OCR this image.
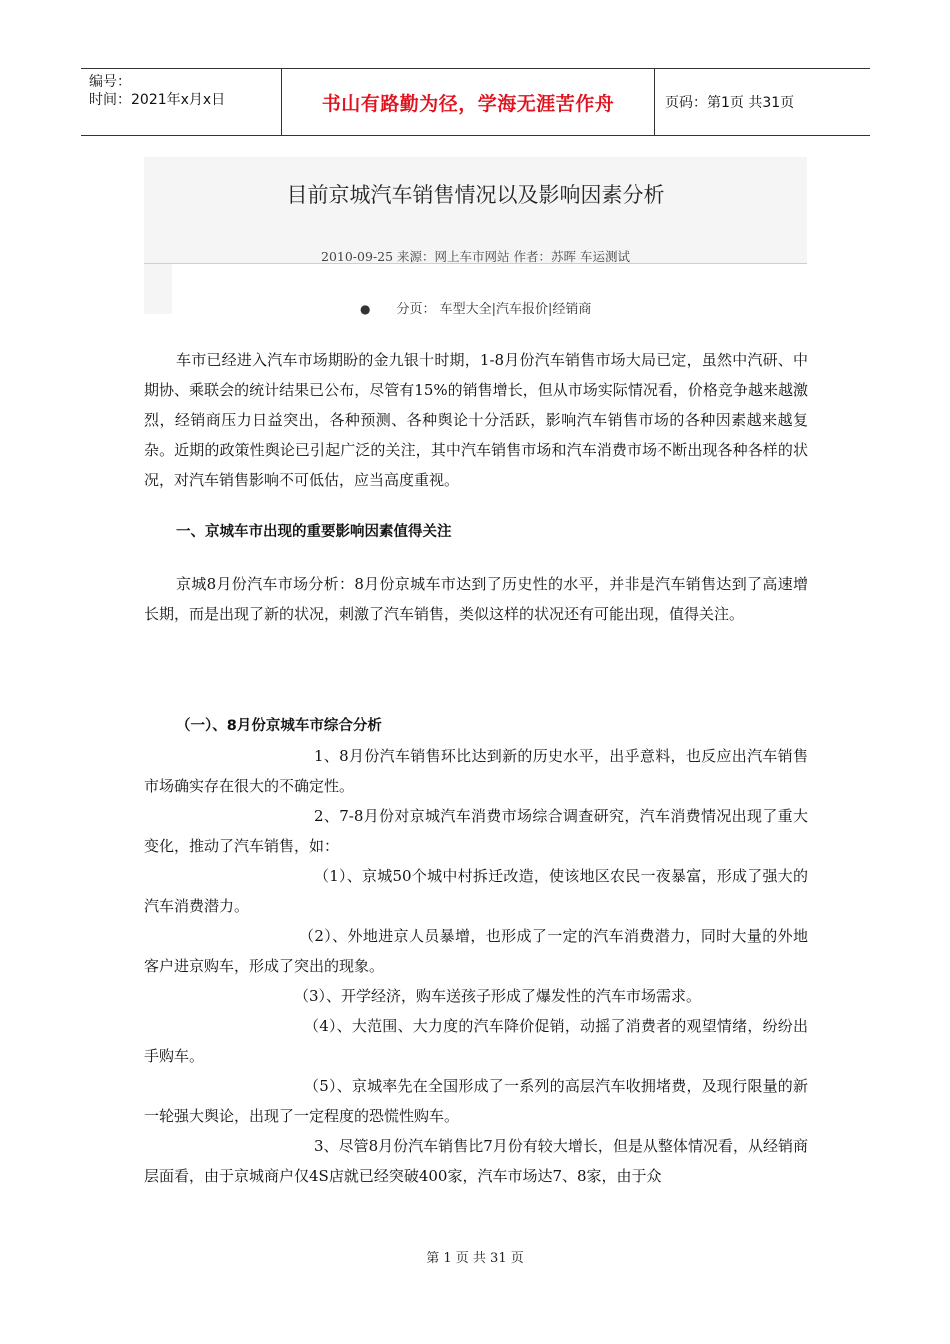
编号：
时间：2021年x月x日	书山有路勤为径，学海无涯苦作舟	页码：第1页 共31页
目前京城汽车销售情况以及影响因素分析
2010-09-25 来源：网上车市网站 作者：苏晖 车运测试
● 分页： 车型大全|汽车报价|经销商

车市已经进入汽车市场期盼的金九银十时期，1-8月份汽车销售市场大局已定，虽然中汽研、中期协、乘联会的统计结果已公布，尽管有15%的销售增长，但从市场实际情况看，价格竞争越来越激烈，经销商压力日益突出，各种预测、各种舆论十分活跃，影响汽车销售市场的各种因素越来越复杂。近期的政策性舆论已引起广泛的关注，其中汽车销售市场和汽车消费市场不断出现各种各样的状况，对汽车销售影响不可低估，应当高度重视。

一、京城车市出现的重要影响因素值得关注

京城8月份汽车市场分析：8月份京城车市达到了历史性的水平，并非是汽车销售达到了高速增长期，而是出现了新的状况，刺激了汽车销售，类似这样的状况还有可能出现，值得关注。

（一）、8月份京城车市综合分析

1、8月份汽车销售环比达到新的历史水平，出乎意料，也反应出汽车销售市场确实存在很大的不确定性。

2、7-8月份对京城汽车消费市场综合调查研究，汽车消费情况出现了重大变化，推动了汽车销售，如：

（1）、京城50个城中村拆迁改造，使该地区农民一夜暴富，形成了强大的汽车消费潜力。

（2）、外地进京人员暴增，也形成了一定的汽车消费潜力，同时大量的外地客户进京购车，形成了突出的现象。

（3）、开学经济，购车送孩子形成了爆发性的汽车市场需求。

（4）、大范围、大力度的汽车降价促销，动摇了消费者的观望情绪，纷纷出手购车。

（5）、京城率先在全国形成了一系列的高层汽车收拥堵费，及现行限量的新一轮强大舆论，出现了一定程度的恐慌性购车。

3、尽管8月份汽车销售比7月份有较大增长，但是从整体情况看，从经销商层面看，由于京城商户仅4S店就已经突破400家，汽车市场达7、8家，由于众

第 1 页 共 31 页
